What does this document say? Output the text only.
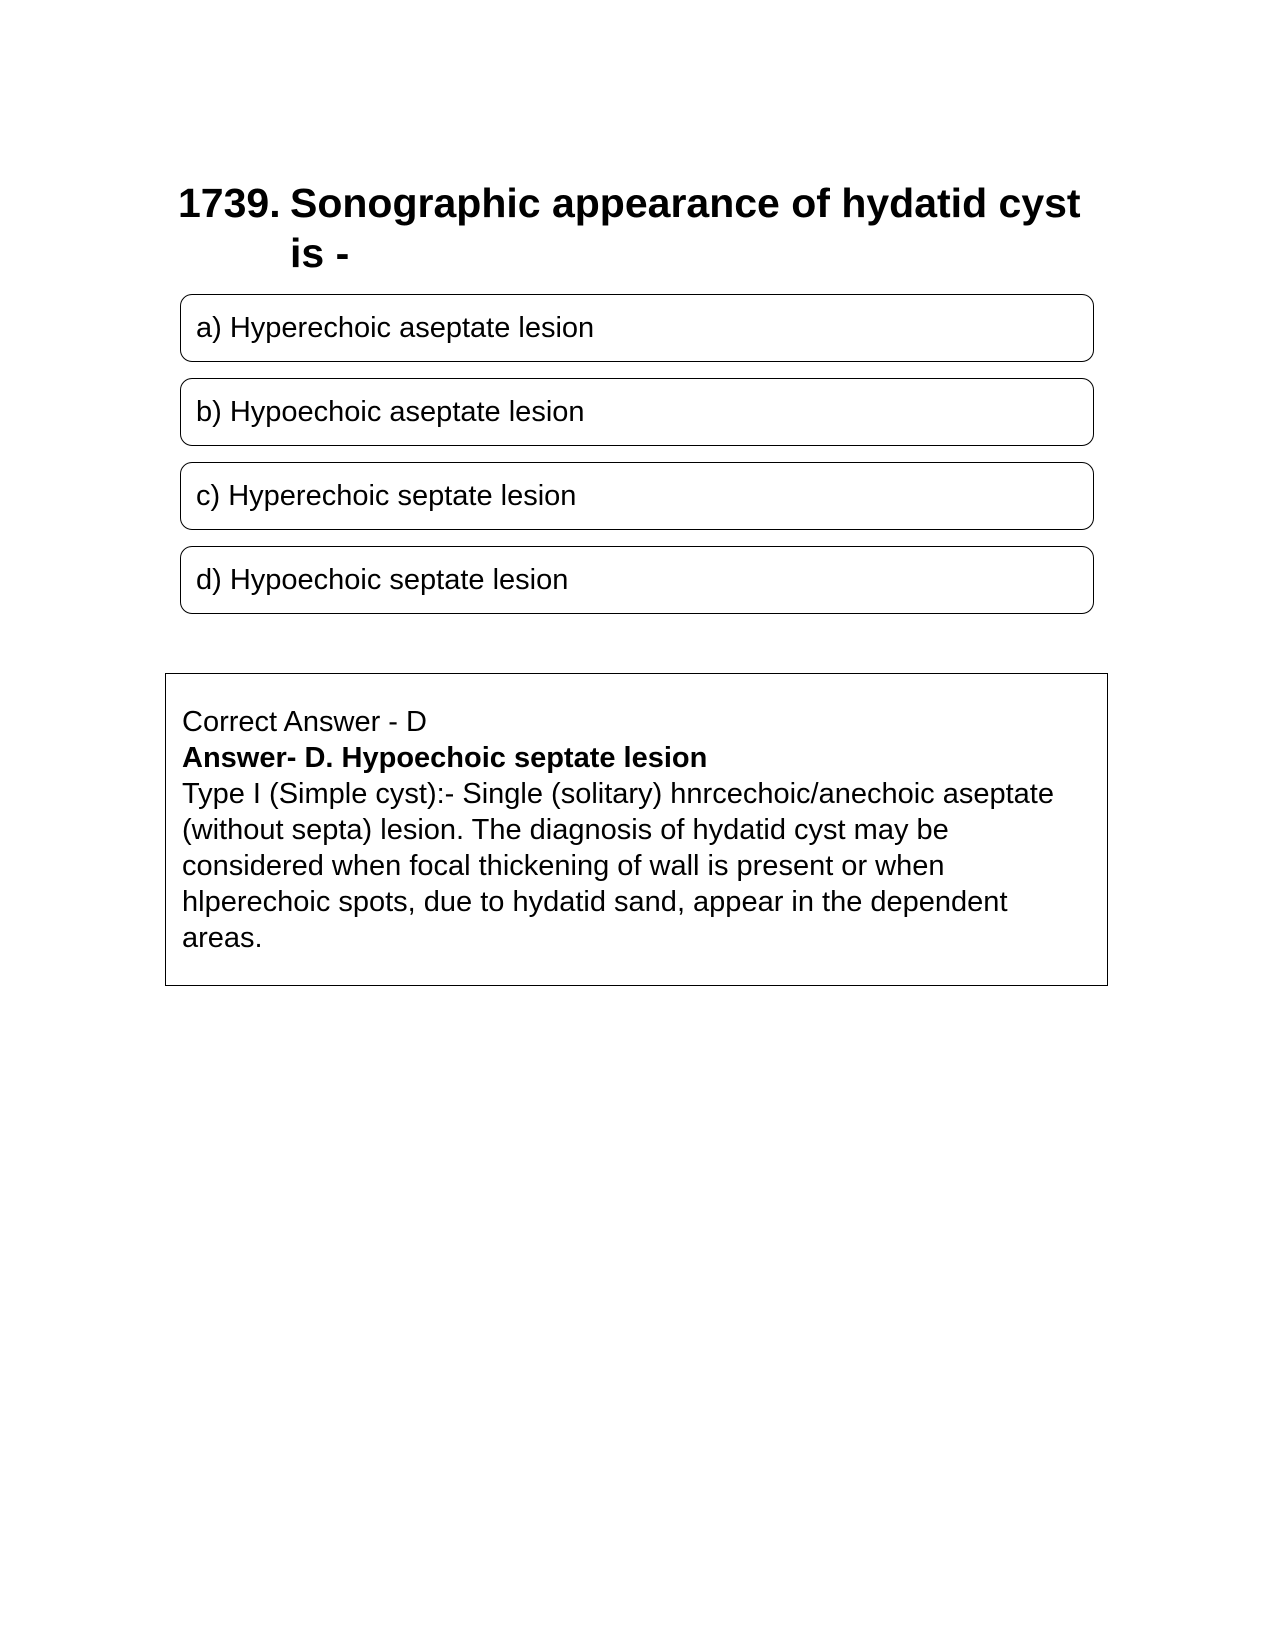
1739. Sonographic appearance of hydatid cyst is -
a) Hyperechoic aseptate lesion
b) Hypoechoic aseptate lesion
c) Hyperechoic septate lesion
d) Hypoechoic septate lesion
Correct Answer - D
Answer- D. Hypoechoic septate lesion
Type I (Simple cyst):- Single (solitary) hnrcechoic/anechoic aseptate (without septa) lesion. The diagnosis of hydatid cyst may be considered when focal thickening of wall is present or when hlperechoic spots, due to hydatid sand, appear in the dependent areas.
